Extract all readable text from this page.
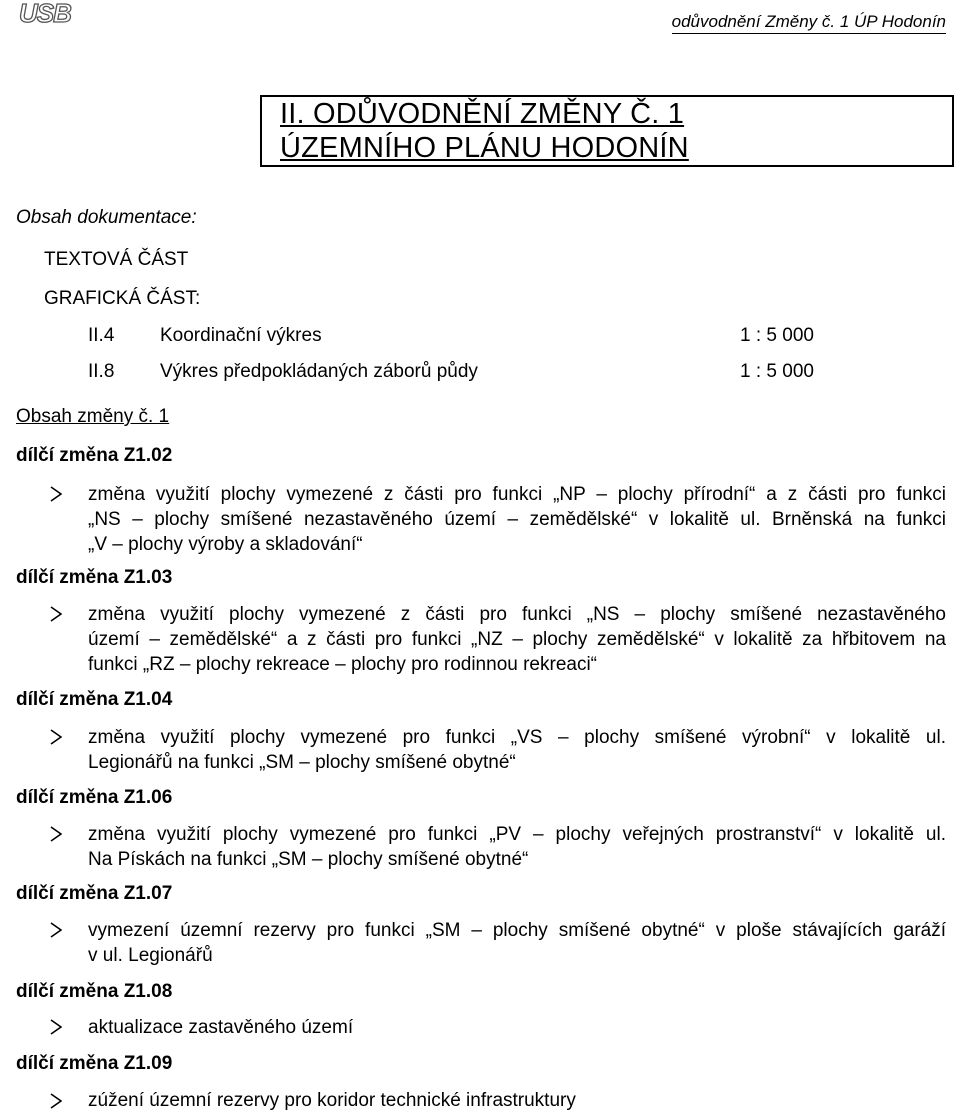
USB	odůvodnění Změny č. 1 ÚP Hodonín
II. ODŮVODNĚNÍ ZMĚNY Č. 1
ÚZEMNÍHO PLÁNU HODONÍN
Obsah dokumentace:
TEXTOVÁ ČÁST
GRAFICKÁ ČÁST:
II.4 Koordinační výkres	1 : 5 000
II.8 Výkres předpokládaných záborů půdy	1 : 5 000
Obsah změny č. 1
dílčí změna Z1.02
změna využití plochy vymezené z části pro funkci „NP – plochy přírodní“ a z části pro funkci
„NS – plochy smíšené nezastavěného území – zemědělské“ v lokalitě ul. Brněnská na funkci
„V – plochy výroby a skladování“
dílčí změna Z1.03
změna využití plochy vymezené z části pro funkci „NS – plochy smíšené nezastavěného
území – zemědělské“ a z části pro funkci „NZ – plochy zemědělské“ v lokalitě za hřbitovem na
funkci „RZ – plochy rekreace – plochy pro rodinnou rekreaci“
dílčí změna Z1.04
změna využití plochy vymezené pro funkci „VS – plochy smíšené výrobní“ v lokalitě ul.
Legionářů na funkci „SM – plochy smíšené obytné“
dílčí změna Z1.06
změna využití plochy vymezené pro funkci „PV – plochy veřejných prostranství“ v lokalitě ul.
Na Pískách na funkci „SM – plochy smíšené obytné“
dílčí změna Z1.07
vymezení územní rezervy pro funkci „SM – plochy smíšené obytné“ v ploše stávajících garáží
v ul. Legionářů
dílčí změna Z1.08
aktualizace zastavěného území
dílčí změna Z1.09
zúžení územní rezervy pro koridor technické infrastruktury
